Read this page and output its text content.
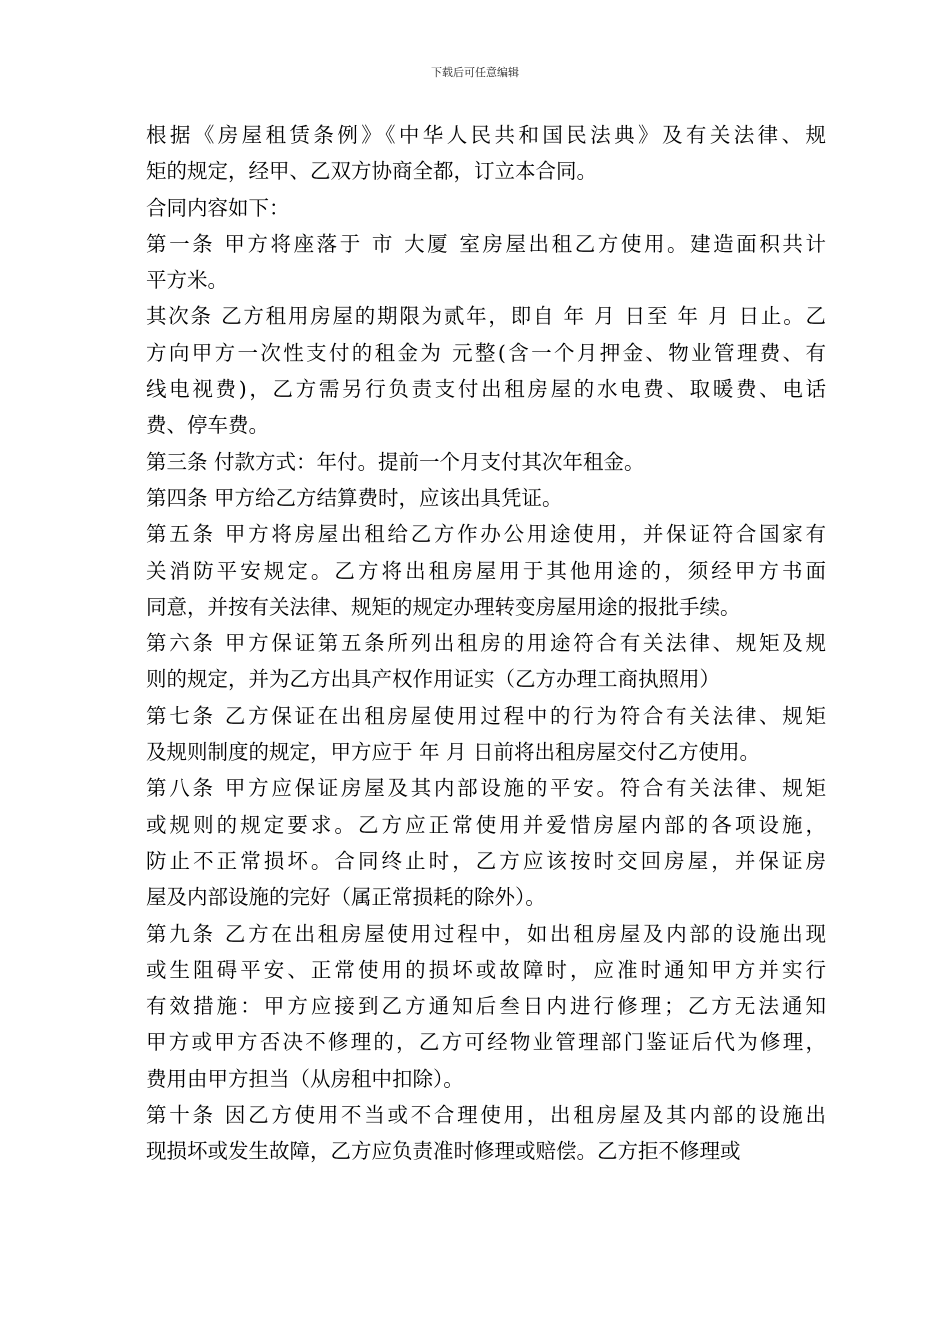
下载后可任意编辑
根据《房屋租赁条例》《中华人民共和国民法典》及有关法律、规
矩的规定，经甲、乙双方协商全都，订立本合同。
合同内容如下：
第一条 甲方将座落于 市 大厦 室房屋出租乙方使用。建造面积共计
平方米。
其次条 乙方租用房屋的期限为贰年，即自 年 月 日至 年 月 日止。乙
方向甲方一次性支付的租金为 元整(含一个月押金、物业管理费、有
线电视费)，乙方需另行负责支付出租房屋的水电费、取暖费、电话
费、停车费。
第三条 付款方式：年付。提前一个月支付其次年租金。
第四条 甲方给乙方结算费时，应该出具凭证。
第五条 甲方将房屋出租给乙方作办公用途使用，并保证符合国家有
关消防平安规定。乙方将出租房屋用于其他用途的，须经甲方书面
同意，并按有关法律、规矩的规定办理转变房屋用途的报批手续。
第六条 甲方保证第五条所列出租房的用途符合有关法律、规矩及规
则的规定，并为乙方出具产权作用证实（乙方办理工商执照用）
第七条 乙方保证在出租房屋使用过程中的行为符合有关法律、规矩
及规则制度的规定，甲方应于 年 月 日前将出租房屋交付乙方使用。
第八条 甲方应保证房屋及其内部设施的平安。符合有关法律、规矩
或规则的规定要求。乙方应正常使用并爱惜房屋内部的各项设施，
防止不正常损坏。合同终止时，乙方应该按时交回房屋，并保证房
屋及内部设施的完好（属正常损耗的除外）。
第九条 乙方在出租房屋使用过程中，如出租房屋及内部的设施出现
或生阻碍平安、正常使用的损坏或故障时，应准时通知甲方并实行
有效措施：甲方应接到乙方通知后叁日内进行修理；乙方无法通知
甲方或甲方否决不修理的，乙方可经物业管理部门鉴证后代为修理，
费用由甲方担当（从房租中扣除）。
第十条 因乙方使用不当或不合理使用，出租房屋及其内部的设施出
现损坏或发生故障，乙方应负责准时修理或赔偿。乙方拒不修理或
